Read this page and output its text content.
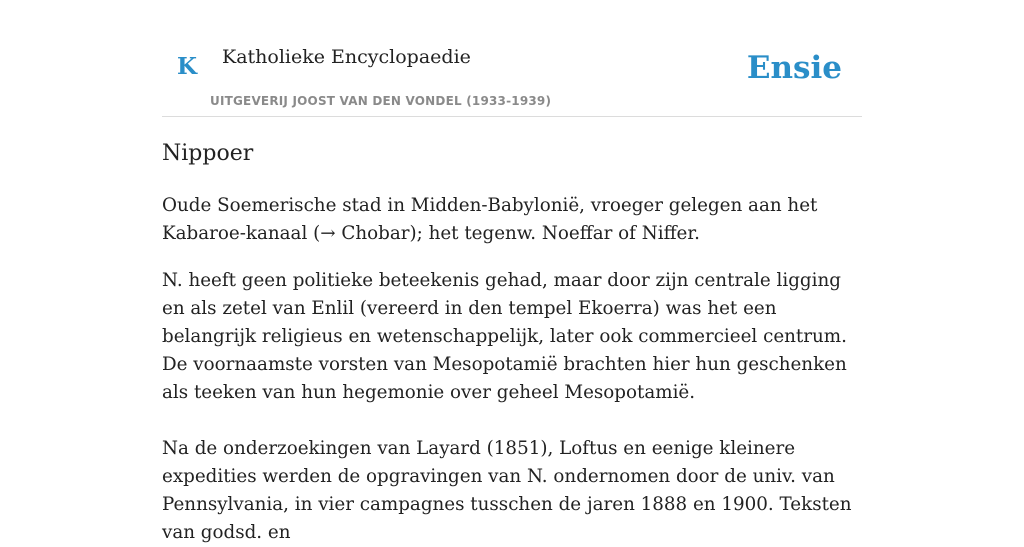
K Katholieke Encyclopaedie
UITGEVERIJ JOOST VAN DEN VONDEL (1933-1939)
Ensie
Nippoer

Oude Soemerische stad in Midden-Babylonië, vroeger gelegen aan het Kabaroe-kanaal (→ Chobar); het tegenw. Noeffar of Niffer.

N. heeft geen politieke beteekenis gehad, maar door zijn centrale ligging en als zetel van Enlil (vereerd in den tempel Ekoerra) was het een belangrijk religieus en wetenschappelijk, later ook commercieel centrum. De voornaamste vorsten van Mesopotamië brachten hier hun geschenken als teeken van hun hegemonie over geheel Mesopotamië.

Na de onderzoekingen van Layard (1851), Loftus en eenige kleinere expedities werden de opgravingen van N. ondernomen door de univ. van Pennsylvania, in vier campagnes tusschen de jaren 1888 en 1900. Teksten van godsd. en
